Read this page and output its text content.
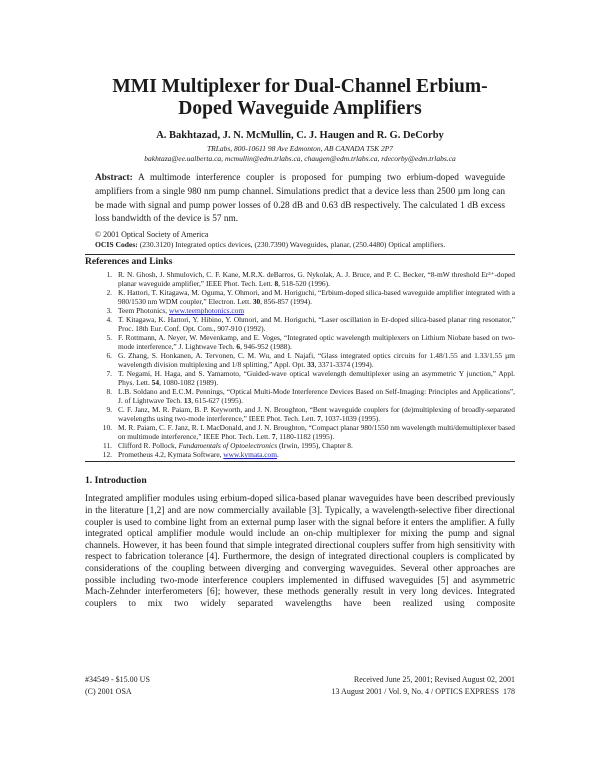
MMI Multiplexer for Dual-Channel Erbium-
Doped Waveguide Amplifiers
A. Bakhtazad, J. N. McMullin, C. J. Haugen and R. G. DeCorby
TRLabs, 800-10611 98 Ave Edmonton, AB CANADA T5K 2P7
bakhtaza@ee.ualberta.ca, mcmullin@edm.trlabs.ca, chaugen@edm.trlabs.ca, rdecorby@edm.trlabs.ca

Abstract: A multimode interference coupler is proposed for pumping two erbium-doped waveguide amplifiers from a single 980 nm pump channel. Simulations predict that a device less than 2500 µm long can be made with signal and pump power losses of 0.28 dB and 0.63 dB respectively. The calculated 1 dB excess loss bandwidth of the device is 57 nm.

© 2001 Optical Society of America
OCIS Codes: (230.3120) Integrated optics devices, (230.7390) Waveguides, planar, (250.4480) Optical amplifiers.
References and Links
1. R. N. Ghosh, J. Shmulovich, C. F. Kane, M.R.X. deBarros, G. Nykolak, A. J. Bruce, and P. C. Becker, “8-mW threshold Er³⁺-doped planar waveguide amplifier,” IEEE Phot. Tech. Lett. 8, 518-520 (1996).
2. K. Hattori, T. Kitagawa, M. Oguma, Y. Ohmori, and M. Horiguchi, “Erbium-doped silica-based waveguide amplifier integrated with a 980/1530 nm WDM coupler,” Electron. Lett. 30, 856-857 (1994).
3. Teem Photonics, www.teemphotonics.com
4. T. Kitagawa, K. Hattori, Y. Hibino, Y. Ohmori, and M. Horiguchi, “Laser oscillation in Er-doped silica-based planar ring resonator,” Proc. 18th Eur. Conf. Opt. Com., 907-910 (1992).
5. F. Rottmann, A. Neyer, W. Mevenkamp, and E. Voges, “Integrated optic wavelength multiplexers on Lithium Niobate based on two-mode interference,” J. Lightwave Tech. 6, 946-952 (1988).
6. G. Zhang, S. Honkanen, A. Tervonen, C. M. Wu, and I. Najafi, “Glass integrated optics circuits for 1.48/1.55 and 1.33/1.55 µm wavelength division multiplexing and 1/8 splitting,” Appl. Opt. 33, 3371-3374 (1994).
7. T. Negami, H. Haga, and S. Yamamoto, “Guided-wave optical wavelength demultiplexer using an asymmetric Y junction,” Appl. Phys. Lett. 54, 1080-1082 (1989).
8. L.B. Soldano and E.C.M. Pennings, “Optical Multi-Mode Interference Devices Based on Self-Imaging: Principles and Applications”, J. of Lightwave Tech. 13, 615-627 (1995).
9. C. F. Janz, M. R. Paiam, B. P. Keyworth, and J. N. Broughton, “Bent waveguide couplers for (de)multiplexing of broadly-separated wavelengths using two-mode interference,” IEEE Phot. Tech. Lett. 7, 1037-1039 (1995).
10. M. R. Paiam, C. F. Janz, R. I. MacDonald, and J. N. Broughton, “Compact planar 980/1550 nm wavelength multi/demultiplexer based on multimode interference,” IEEE Phot. Tech. Lett. 7, 1180-1182 (1995).
11. Clifford R. Pollock, Fundamentals of Optoelectronics (Irwin, 1995), Chapter 8.
12. Prometheus 4.2, Kymata Software, www.kymata.com.
1. Introduction

Integrated amplifier modules using erbium-doped silica-based planar waveguides have been described previously in the literature [1,2] and are now commercially available [3]. Typically, a wavelength-selective fiber directional coupler is used to combine light from an external pump laser with the signal before it enters the amplifier. A fully integrated optical amplifier module would include an on-chip multiplexer for mixing the pump and signal channels. However, it has been found that simple integrated directional couplers suffer from high sensitivity with respect to fabrication tolerance [4]. Furthermore, the design of integrated directional couplers is complicated by considerations of the coupling between diverging and converging waveguides. Several other approaches are possible including two-mode interference couplers implemented in diffused waveguides [5] and asymmetric Mach-Zehnder interferometers [6]; however, these methods generally result in very long devices. Integrated couplers to mix two widely separated wavelengths have been realized using composite

#34549 - $15.00 US
(C) 2001 OSA
Received June 25, 2001; Revised August 02, 2001
13 August 2001 / Vol. 9, No. 4 / OPTICS EXPRESS  178
